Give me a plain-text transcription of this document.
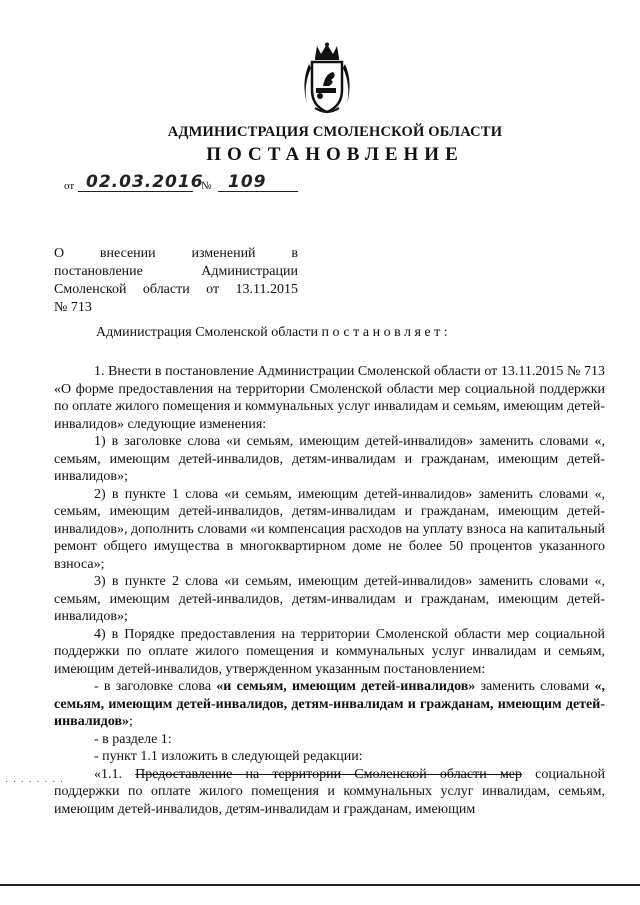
АДМИНИСТРАЦИЯ СМОЛЕНСКОЙ ОБЛАСТИ
ПОСТАНОВЛЕНИЕ
от 02.03.2016
№ 109
О	внесении	изменений	в
постановление	Администрации
Смоленской области от 13.11.2015
№ 713
Администрация Смоленской области постановляет:

1. Внести в постановление Администрации Смоленской области от 13.11.2015 № 713 «О форме предоставления на территории Смоленской области мер социальной поддержки по оплате жилого помещения и коммунальных услуг инвалидам и семьям, имеющим детей-инвалидов» следующие изменения:

1) в заголовке слова «и семьям, имеющим детей-инвалидов» заменить словами «, семьям, имеющим детей-инвалидов, детям-инвалидам и гражданам, имеющим детей-инвалидов»;

2) в пункте 1 слова «и семьям, имеющим детей-инвалидов» заменить словами «, семьям, имеющим детей-инвалидов, детям-инвалидам и гражданам, имеющим детей-инвалидов», дополнить словами «и компенсация расходов на уплату взноса на капитальный ремонт общего имущества в многоквартирном доме не более 50 процентов указанного взноса»;

3) в пункте 2 слова «и семьям, имеющим детей-инвалидов» заменить словами «, семьям, имеющим детей-инвалидов, детям-инвалидам и гражданам, имеющим детей-инвалидов»;

4) в Порядке предоставления на территории Смоленской области мер социальной поддержки по оплате жилого помещения и коммунальных услуг инвалидам и семьям, имеющим детей-инвалидов, утвержденном указанным постановлением:

- в заголовке слова «и семьям, имеющим детей-инвалидов» заменить словами «, семьям, имеющим детей-инвалидов, детям-инвалидам и гражданам, имеющим детей-инвалидов»;

- в разделе 1:

- пункт 1.1 изложить в следующей редакции:

«1.1. Предоставление на территории Смоленской области мер социальной поддержки по оплате жилого помещения и коммунальных услуг инвалидам, семьям, имеющим детей-инвалидов, детям-инвалидам и гражданам, имеющим

· · · · · · · ·
